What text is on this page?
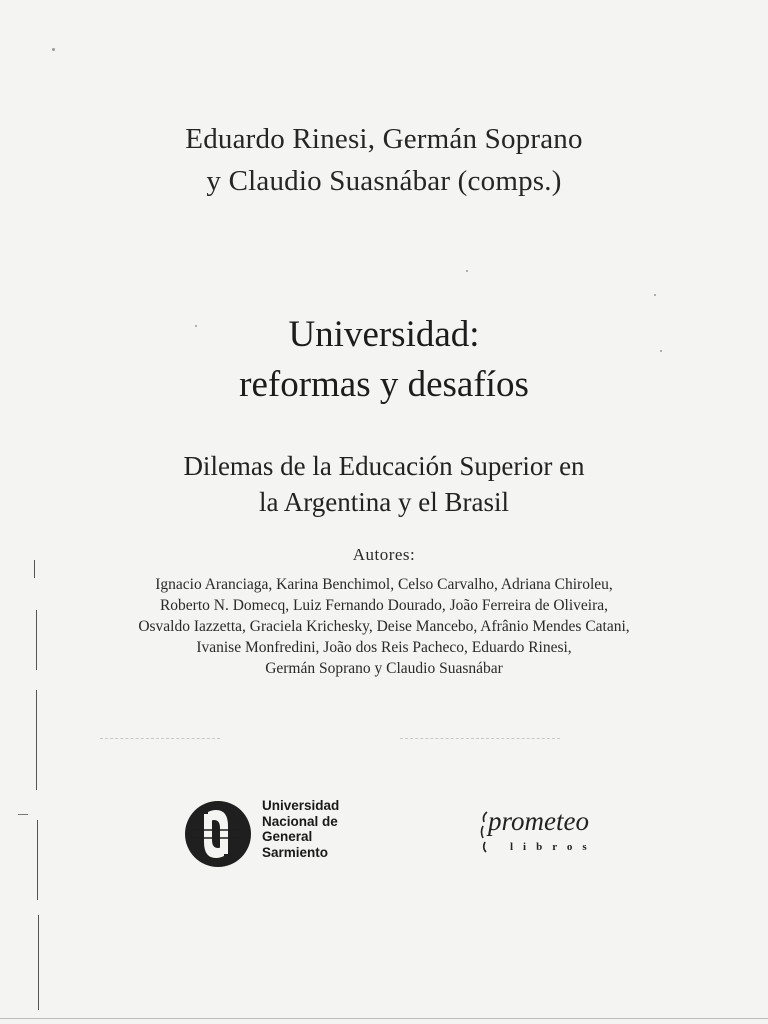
Eduardo Rinesi, Germán Soprano
y Claudio Suasnábar (comps.)
Universidad:
reformas y desafíos
Dilemas de la Educación Superior en
la Argentina y el Brasil
Autores:
Ignacio Aranciaga, Karina Benchimol, Celso Carvalho, Adriana Chiroleu,
Roberto N. Domecq, Luiz Fernando Dourado, João Ferreira de Oliveira,
Osvaldo Iazzetta, Graciela Krichesky, Deise Mancebo, Afrânio Mendes Catani,
Ivanise Monfredini, João dos Reis Pacheco, Eduardo Rinesi,
Germán Soprano y Claudio Suasnábar
Universidad
Nacional de
General
Sarmiento
prometeo
libros
